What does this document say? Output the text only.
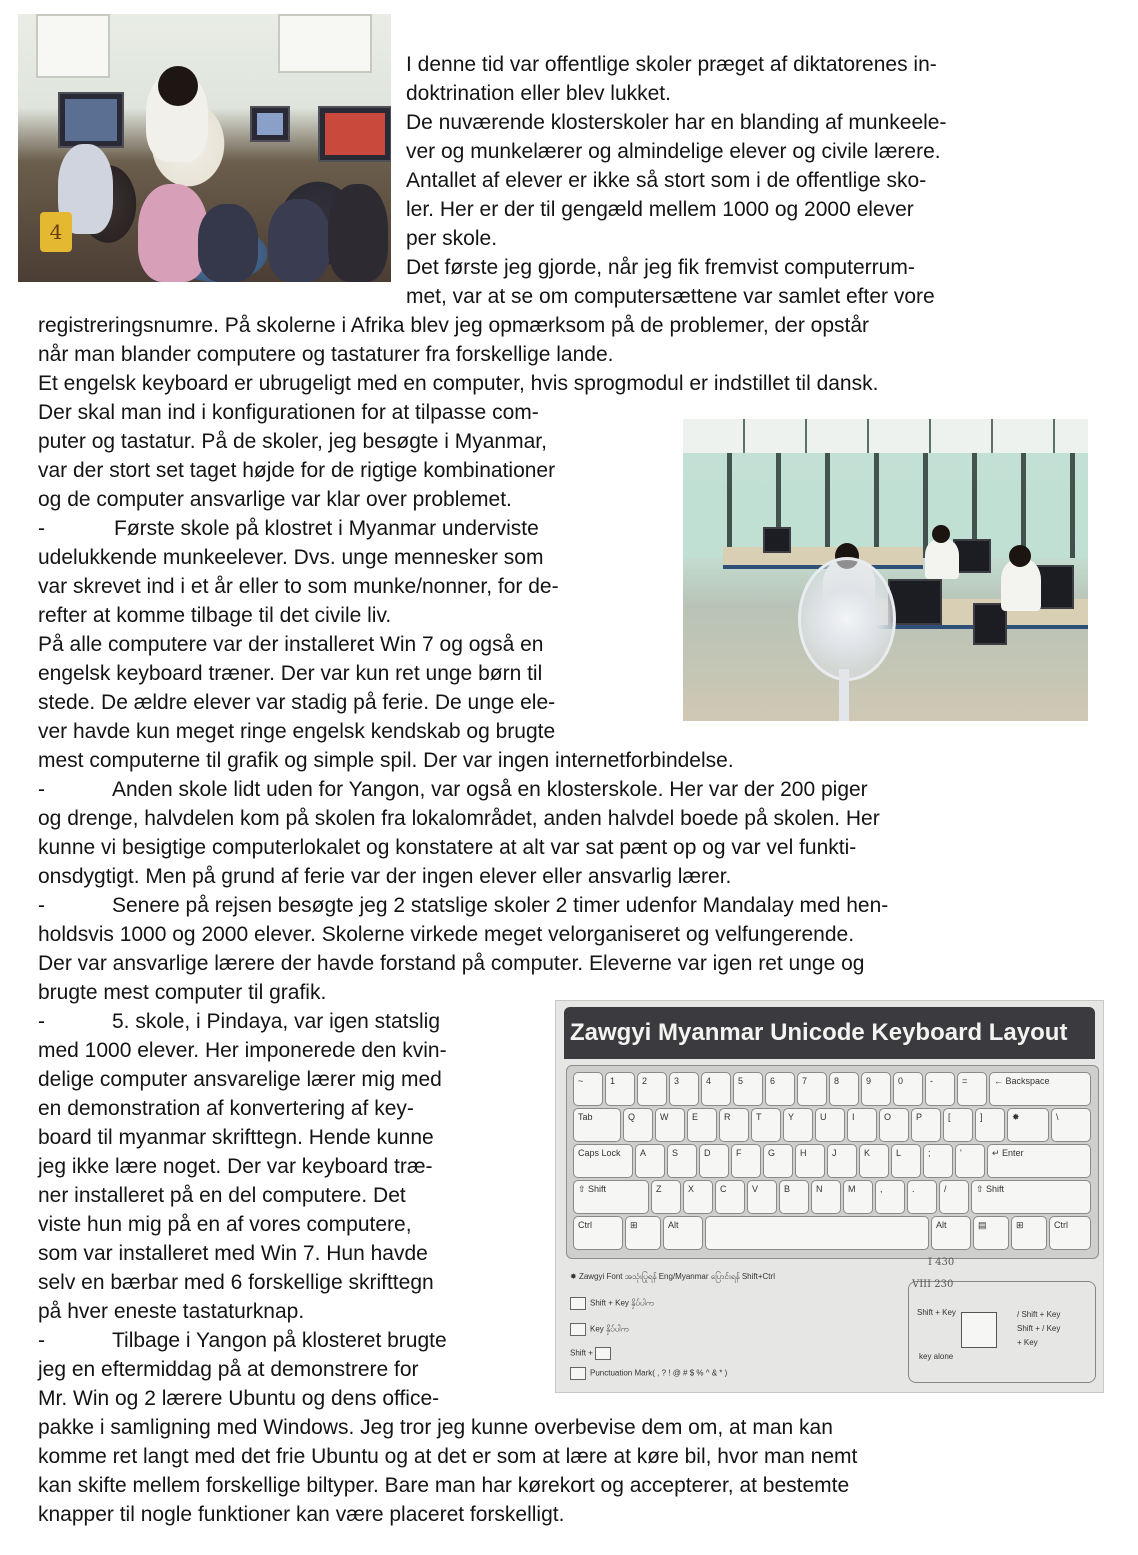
4
Zawgyi Myanmar Unicode Keyboard Layout
~	1	2	3	4	5	6	7	8	9	0	-	=	← Backspace
Tab	Q	W	E	R	T	Y	U	I	O	P	[	]	✸	\
Caps Lock	A	S	D	F	G	H	J	K	L	;	'	↵ Enter
⇧ Shift	Z	X	C	V	B	N	M	,	.	/	⇧ Shift
Ctrl	⊞	Alt	Alt	▤	⊞	Ctrl
✸ Zawgyi Font အသုံးပြုရန် Eng/Myanmar ပြောင်းရန် Shift+Ctrl
Shift + Key နှိပ်ပါက
Key နှိပ်ပါက
Shift +
Punctuation Mark( , ? ! @ # $ % ^ & * )
Shift + Key
key alone
/ Shift + Key
Shift + / Key
+ Key
I 430
VIII 230
I denne tid var offentlige skoler præget af diktatorenes in-
doktrination eller blev lukket.
De nuværende klosterskoler har en blanding af munkeele-
ver og munkelærer og almindelige elever og civile lærere.
Antallet af elever er ikke så stort som i de offentlige sko-
ler. Her er der til gengæld mellem 1000 og 2000 elever
per skole.
Det første jeg gjorde, når jeg fik fremvist computerrum-
met, var at se om computersættene var samlet efter vore
registreringsnumre. På skolerne i Afrika blev jeg opmærksom på de problemer, der opstår
når man blander computere og tastaturer fra forskellige lande.
Et engelsk keyboard er ubrugeligt med en computer, hvis sprogmodul er indstillet til dansk.
Der skal man ind i konfigurationen for at tilpasse com-
puter og tastatur. På de skoler, jeg besøgte i Myanmar,
var der stort set taget højde for de rigtige kombinationer
og de computer ansvarlige var klar over problemet.
-	Første skole på klostret i Myanmar underviste
udelukkende munkeelever. Dvs. unge mennesker som
var skrevet ind i et år eller to som munke/nonner, for de-
refter at komme tilbage til det civile liv.
På alle computere var der installeret Win 7 og også en
engelsk keyboard træner. Der var kun ret unge børn til
stede. De ældre elever var stadig på ferie. De unge ele-
ver havde kun meget ringe engelsk kendskab og brugte
mest computerne til grafik og simple spil. Der var ingen internetforbindelse.
-	Anden skole lidt uden for Yangon, var også en klosterskole. Her var der 200 piger
og drenge, halvdelen kom på skolen fra lokalområdet, anden halvdel boede på skolen. Her
kunne vi besigtige computerlokalet og konstatere at alt var sat pænt op og var vel funkti-
onsdygtigt. Men på grund af ferie var der ingen elever eller ansvarlig lærer.
-	Senere på rejsen besøgte jeg 2 statslige skoler 2 timer udenfor Mandalay med hen-
holdsvis 1000 og 2000 elever. Skolerne virkede meget velorganiseret og velfungerende.
Der var ansvarlige lærere der havde forstand på computer. Eleverne var igen ret unge og
brugte mest computer til grafik.
-	5. skole, i Pindaya, var igen statslig
med 1000 elever. Her imponerede den kvin-
delige computer ansvarelige lærer mig med
en demonstration af konvertering af key-
board til myanmar skrifttegn. Hende kunne
jeg ikke lære noget. Der var keyboard træ-
ner installeret på en del computere. Det
viste hun mig på en af vores computere,
som var installeret med Win 7. Hun havde
selv en bærbar med 6 forskellige skrifttegn
på hver eneste tastaturknap.
-	Tilbage i Yangon på klosteret brugte
jeg en eftermiddag på at demonstrere for
Mr. Win og 2 lærere Ubuntu og dens office-
pakke i samligning med Windows. Jeg tror jeg kunne overbevise dem om, at man kan
komme ret langt med det frie Ubuntu og at det er som at lære at køre bil, hvor man nemt
kan skifte mellem forskellige biltyper. Bare man har kørekort og accepterer, at bestemte
knapper til nogle funktioner kan være placeret forskelligt.
